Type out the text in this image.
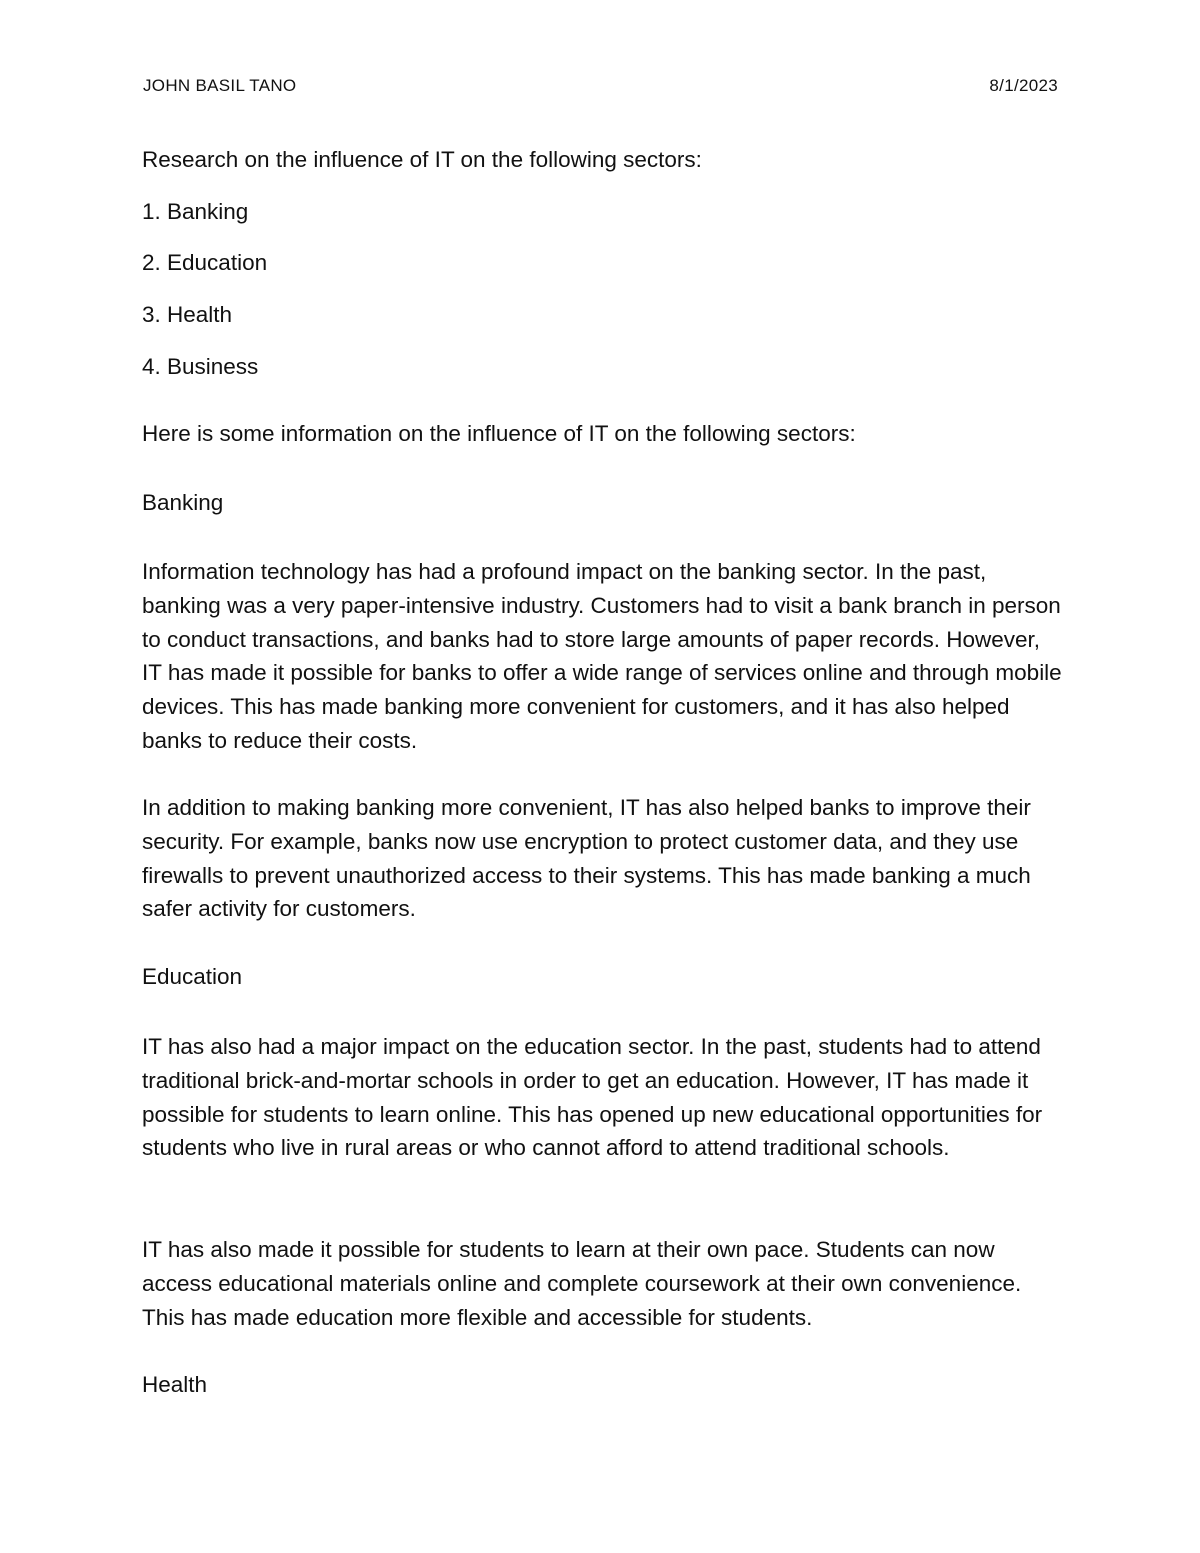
JOHN BASIL TANO	8/1/2023

Research on the influence of IT on the following sectors:

1. Banking

2. Education

3. Health

4. Business

Here is some information on the influence of IT on the following sectors:

Banking

Information technology has had a profound impact on the banking sector. In the past, banking was a very paper-intensive industry. Customers had to visit a bank branch in person to conduct transactions, and banks had to store large amounts of paper records. However, IT has made it possible for banks to offer a wide range of services online and through mobile devices. This has made banking more convenient for customers, and it has also helped banks to reduce their costs.

In addition to making banking more convenient, IT has also helped banks to improve their security. For example, banks now use encryption to protect customer data, and they use firewalls to prevent unauthorized access to their systems. This has made banking a much safer activity for customers.

Education

IT has also had a major impact on the education sector. In the past, students had to attend traditional brick-and-mortar schools in order to get an education. However, IT has made it possible for students to learn online. This has opened up new educational opportunities for students who live in rural areas or who cannot afford to attend traditional schools.

IT has also made it possible for students to learn at their own pace. Students can now access educational materials online and complete coursework at their own convenience. This has made education more flexible and accessible for students.

Health
